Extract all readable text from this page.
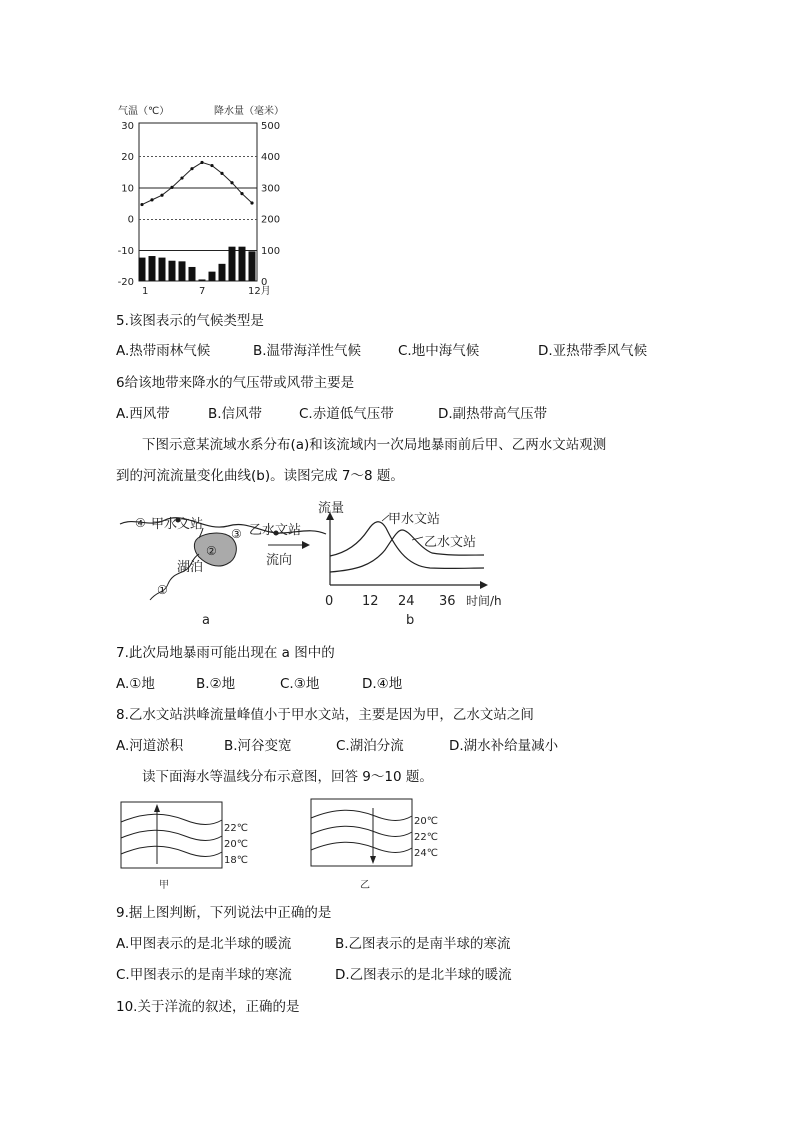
气温（℃）	降水量（毫米）
30
20
10
0
-10
-20
500
400
300
200
100
0
1	7	12月
5.该图表示的气候类型是
A.热带雨林气候	B.温带海洋性气候	C.地中海气候	D.亚热带季风气候
6给该地带来降水的气压带或风带主要是
A.西风带	B.信风带	C.赤道低气压带	D.副热带高气压带
下图示意某流域水系分布(a)和该流域内一次局地暴雨前后甲、乙两水文站观测
到的河流流量变化曲线(b)。读图完成 7～8 题。
④ 甲水文站
③ 乙水文站
②
湖泊	流向
①
a
流量
甲水文站
乙水文站
0 12 24 36 时间/h
b
7.此次局地暴雨可能出现在 a 图中的
A.①地	B.②地	C.③地	D.④地
8.乙水文站洪峰流量峰值小于甲水文站，主要是因为甲，乙水文站之间
A.河道淤积	B.河谷变宽	C.湖泊分流	D.湖水补给量减小
读下面海水等温线分布示意图，回答 9～10 题。
22℃
20℃
18℃
甲
20℃
22℃
24℃
乙
9.据上图判断，下列说法中正确的是
A.甲图表示的是北半球的暖流	B.乙图表示的是南半球的寒流
C.甲图表示的是南半球的寒流	D.乙图表示的是北半球的暖流
10.关于洋流的叙述，正确的是
